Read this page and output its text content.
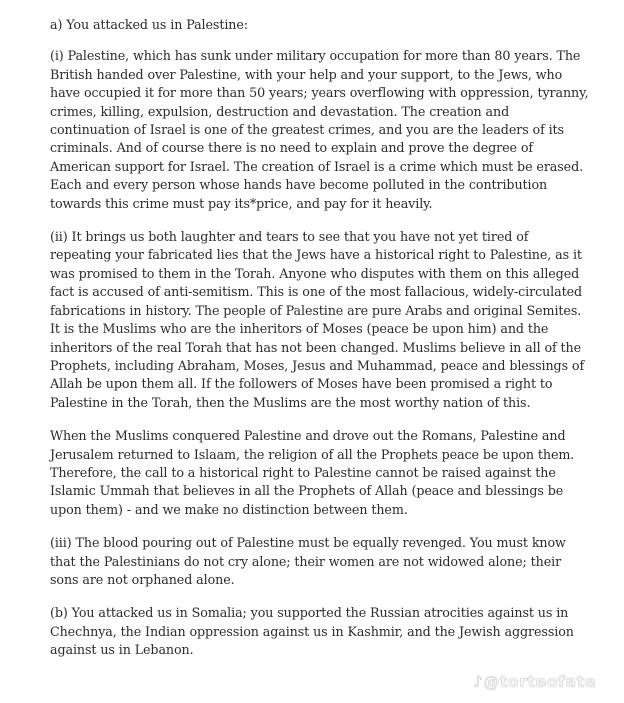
a) You attacked us in Palestine:

(i) Palestine, which has sunk under military occupation for more than 80 years. The British handed over Palestine, with your help and your support, to the Jews, who have occupied it for more than 50 years; years overflowing with oppression, tyranny, crimes, killing, expulsion, destruction and devastation. The creation and continuation of Israel is one of the greatest crimes, and you are the leaders of its criminals. And of course there is no need to explain and prove the degree of American support for Israel. The creation of Israel is a crime which must be erased. Each and every person whose hands have become polluted in the contribution towards this crime must pay its*price, and pay for it heavily.

(ii) It brings us both laughter and tears to see that you have not yet tired of repeating your fabricated lies that the Jews have a historical right to Palestine, as it was promised to them in the Torah. Anyone who disputes with them on this alleged fact is accused of anti-semitism. This is one of the most fallacious, widely-circulated fabrications in history. The people of Palestine are pure Arabs and original Semites. It is the Muslims who are the inheritors of Moses (peace be upon him) and the inheritors of the real Torah that has not been changed. Muslims believe in all of the Prophets, including Abraham, Moses, Jesus and Muhammad, peace and blessings of Allah be upon them all. If the followers of Moses have been promised a right to Palestine in the Torah, then the Muslims are the most worthy nation of this.

When the Muslims conquered Palestine and drove out the Romans, Palestine and Jerusalem returned to Islaam, the religion of all the Prophets peace be upon them. Therefore, the call to a historical right to Palestine cannot be raised against the Islamic Ummah that believes in all the Prophets of Allah (peace and blessings be upon them) - and we make no distinction between them.

(iii) The blood pouring out of Palestine must be equally revenged. You must know that the Palestinians do not cry alone; their women are not widowed alone; their sons are not orphaned alone.

(b) You attacked us in Somalia; you supported the Russian atrocities against us in Chechnya, the Indian oppression against us in Kashmir, and the Jewish aggression against us in Lebanon.

♪@torteofate
